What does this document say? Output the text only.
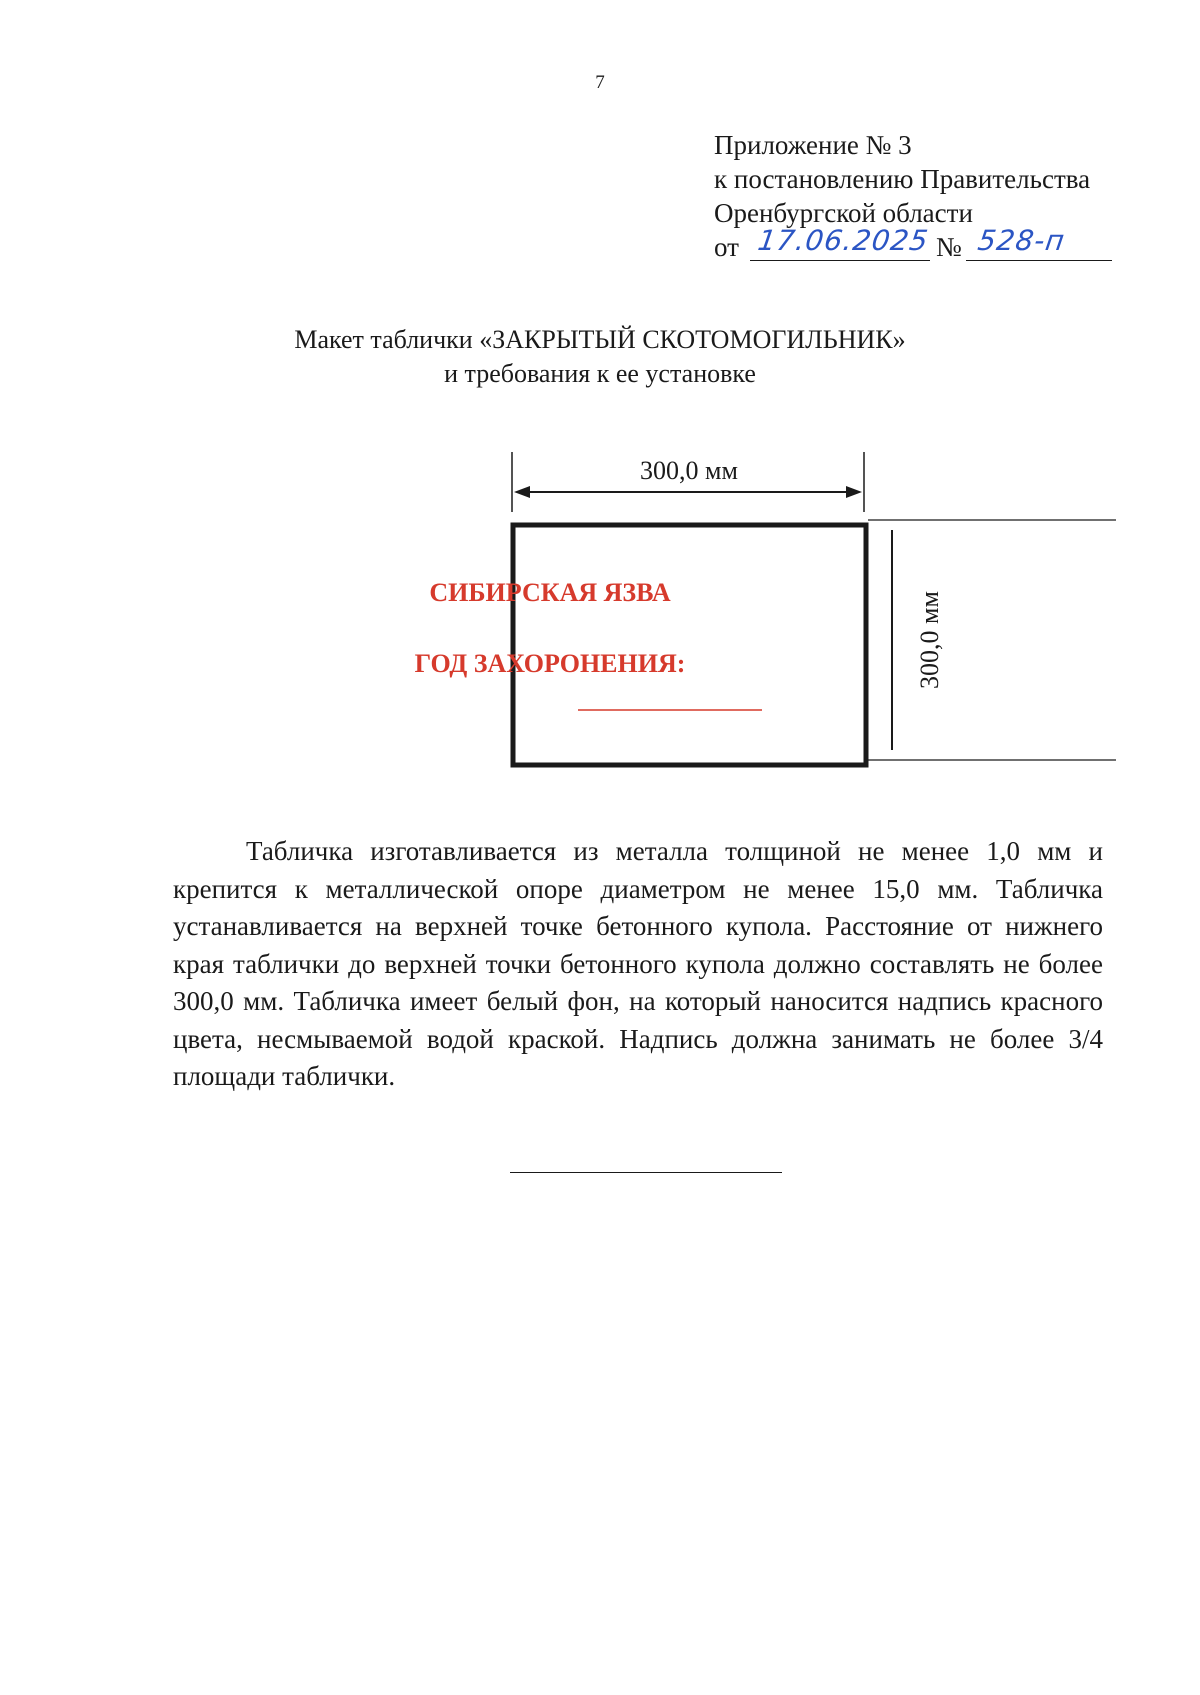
7
Приложение № 3
к постановлению Правительства
Оренбургской области
от 17.06.2025 № 528-п
Макет таблички «ЗАКРЫТЫЙ СКОТОМОГИЛЬНИК»
и требования к ее установке
300,0 мм
300,0 мм
СИБИРСКАЯ ЯЗВА
ГОД ЗАХОРОНЕНИЯ:

Табличка изготавливается из металла толщиной не менее 1,0 мм и крепится к металлической опоре диаметром не менее 15,0 мм. Табличка устанавливается на верхней точке бетонного купола. Расстояние от нижнего края таблички до верхней точки бетонного купола должно составлять не более 300,0 мм. Табличка имеет белый фон, на который наносится надпись красного цвета, несмываемой водой краской. Надпись должна занимать не более 3/4 площади таблички.
